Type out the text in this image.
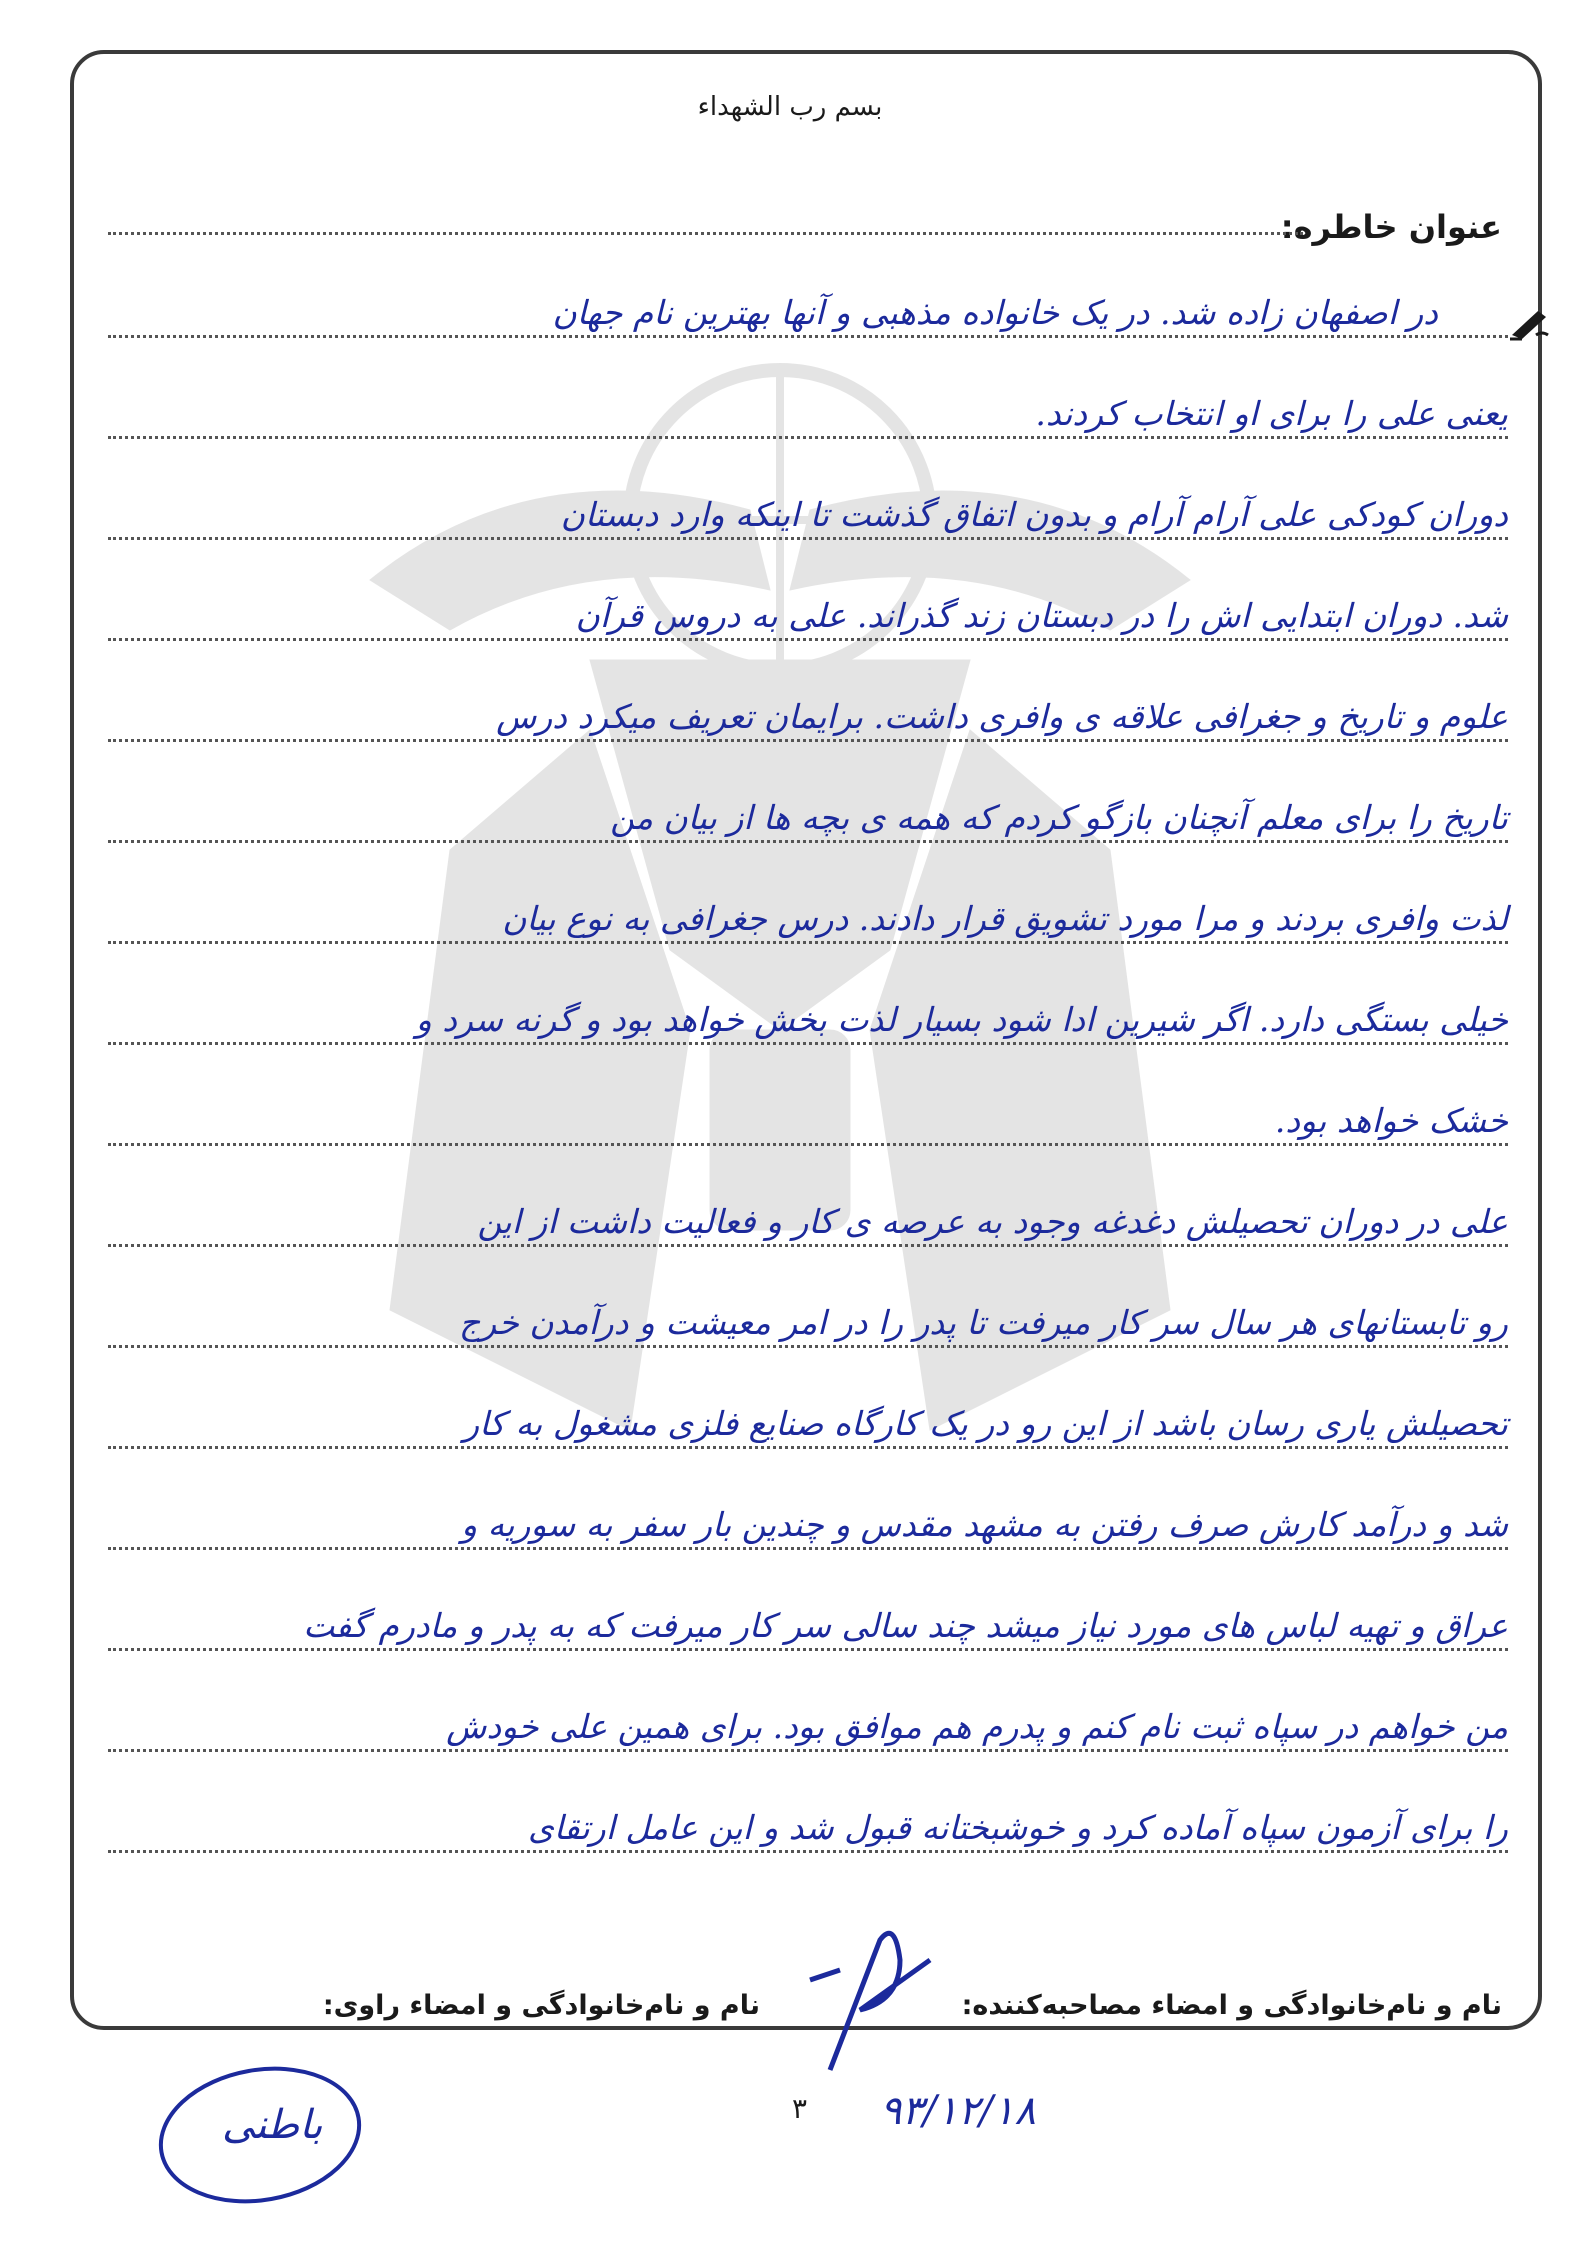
بسم رب الشهداء
عنوان خاطره:
در اصفهان زاده شد. در یک خانواده مذهبی و آنها بهترین نام جهان
یعنی علی را برای او انتخاب کردند.
دوران کودکی علی آرام آرام و بدون اتفاق گذشت تا اینکه وارد دبستان
شد. دوران ابتدایی اش را در دبستان زند گذراند. علی به دروس قرآن
علوم و تاریخ و جغرافی علاقه ی وافری داشت. برایمان تعریف میکرد درس
تاریخ را برای معلم آنچنان بازگو کردم که همه ی بچه ها از بیان من
لذت وافری بردند و مرا مورد تشویق قرار دادند. درس جغرافی به نوع بیان
خیلی بستگی دارد. اگر شیرین ادا شود بسیار لذت بخش خواهد بود و گرنه سرد و
خشک خواهد بود.
علی در دوران تحصیلش دغدغه وجود به عرصه ی کار و فعالیت داشت از این
رو تابستانهای هر سال سر کار میرفت تا پدر را در امر معیشت و درآمدن خرج
تحصیلش یاری رسان باشد از این رو در یک کارگاه صنایع فلزی مشغول به کار
شد و درآمد کارش صرف رفتن به مشهد مقدس و چندین بار سفر به سوریه و
عراق و تهیه لباس های مورد نیاز میشد چند سالی سر کار میرفت که به پدر و مادرم گفت
من خواهم در سپاه ثبت نام کنم و پدرم هم موافق بود. برای همین علی خودش
را برای آزمون سپاه آماده کرد و خوشبختانه قبول شد و این عامل ارتقای
نام و نام‌خانوادگی و امضاء مصاحبه‌کننده:
نام و نام‌خانوادگی و امضاء راوی:
۹۳/۱۲/۱۸
۳
باطنی
